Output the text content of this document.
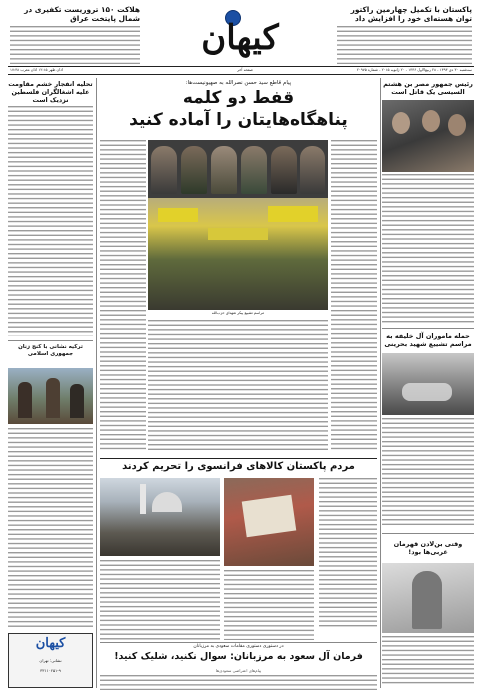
پاکستان با تکمیل چهارمین راکتور توان هسته‌ای خود را افزایش داد
کیهان
هلاکت ۱۵۰ تروریست تکفیری در شمال پایتخت عراق
سه‌شنبه ۳۰ دی ۱۳۹۳ - ۲۸ ربیع‌الاول ۱۴۳۶ - ۲۰ ژانویه ۲۰۱۵ - شماره ۲۰۹۷۵
صفحه آخر
اذان ظهر ۱۲:۱۵ اذان مغرب ۱۷:۳۸
رئیس جمهور مصر بن هشتم السیسی یک قاتل است
حمله ماموران آل خلیفه به مراسم تشییع شهید بحرینی
وقتی بن‌لادن قهرمان غربی‌ها بود!
تحلیه انفجار خشم مقاومت علیه اشغالگران فلسطین نزدیک است
ترکیه نشانی با کنج زنان جمهوری اسلامی
کیهان
نشانی: تهران
۳۳۱۱۰۲۵۱-۹
پیام قاطع سید حسن نصرالله به صهیونیست‌ها:
قفط دو کلمه
پناهگاه‌هایتان را آماده کنید
مراسم تشییع پیکر شهدای حزب‌الله
مردم پاکستان کالاهای فرانسوی را تحریم کردند
در دستوری دستوری مقامات سعودی به مرزبانان
فرمان آل سعود به مرزبانان: سوال نکنید، شلیک کنید!
پیام‌های اعتراضی سعودی‌ها
